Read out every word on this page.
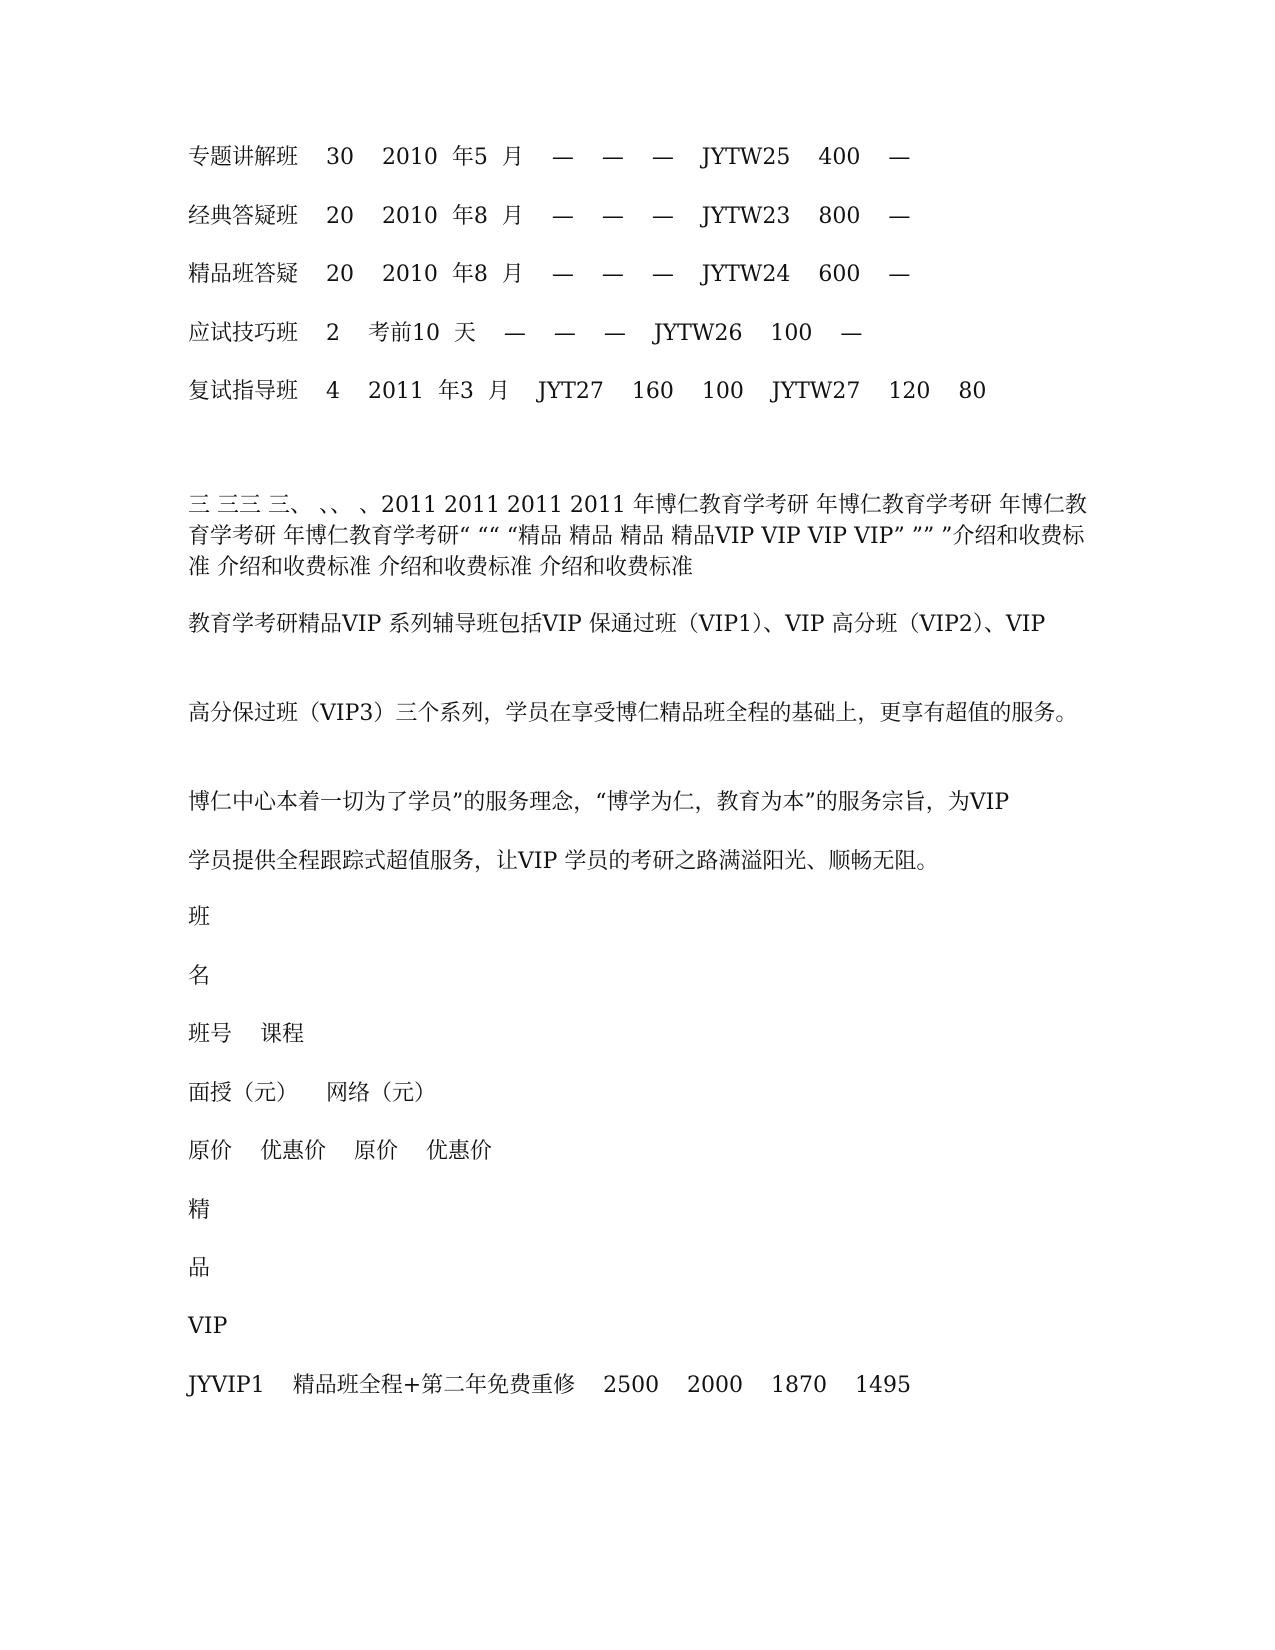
专题讲解班    30    2010  年5  月    —    —    —    JYTW25    400    —
经典答疑班    20    2010  年8  月    —    —    —    JYTW23    800    —
精品班答疑    20    2010  年8  月    —    —    —    JYTW24    600    —
应试技巧班    2    考前10  天    —    —    —    JYTW26    100    —
复试指导班    4    2011  年3  月    JYT27    160    100    JYTW27    120    80
三 三三 三、 、、 、2011 2011 2011 2011 年博仁教育学考研 年博仁教育学考研 年博仁教育学考研 年博仁教育学考研“ ““ “精品 精品 精品 精品VIP VIP VIP VIP” ”” ”介绍和收费标准 介绍和收费标准 介绍和收费标准 介绍和收费标准
教育学考研精品VIP 系列辅导班包括VIP 保通过班（VIP1）、VIP 高分班（VIP2）、VIP
高分保过班（VIP3）三个系列，学员在享受博仁精品班全程的基础上，更享有超值的服务。
博仁中心本着一切为了学员”的服务理念，“博学为仁，教育为本”的服务宗旨，为VIP
学员提供全程跟踪式超值服务，让VIP 学员的考研之路满溢阳光、顺畅无阻。
班
名
班号    课程
面授（元）    网络（元）
原价    优惠价    原价    优惠价
精
品
VIP
JYVIP1    精品班全程+第二年免费重修    2500    2000    1870    1495
